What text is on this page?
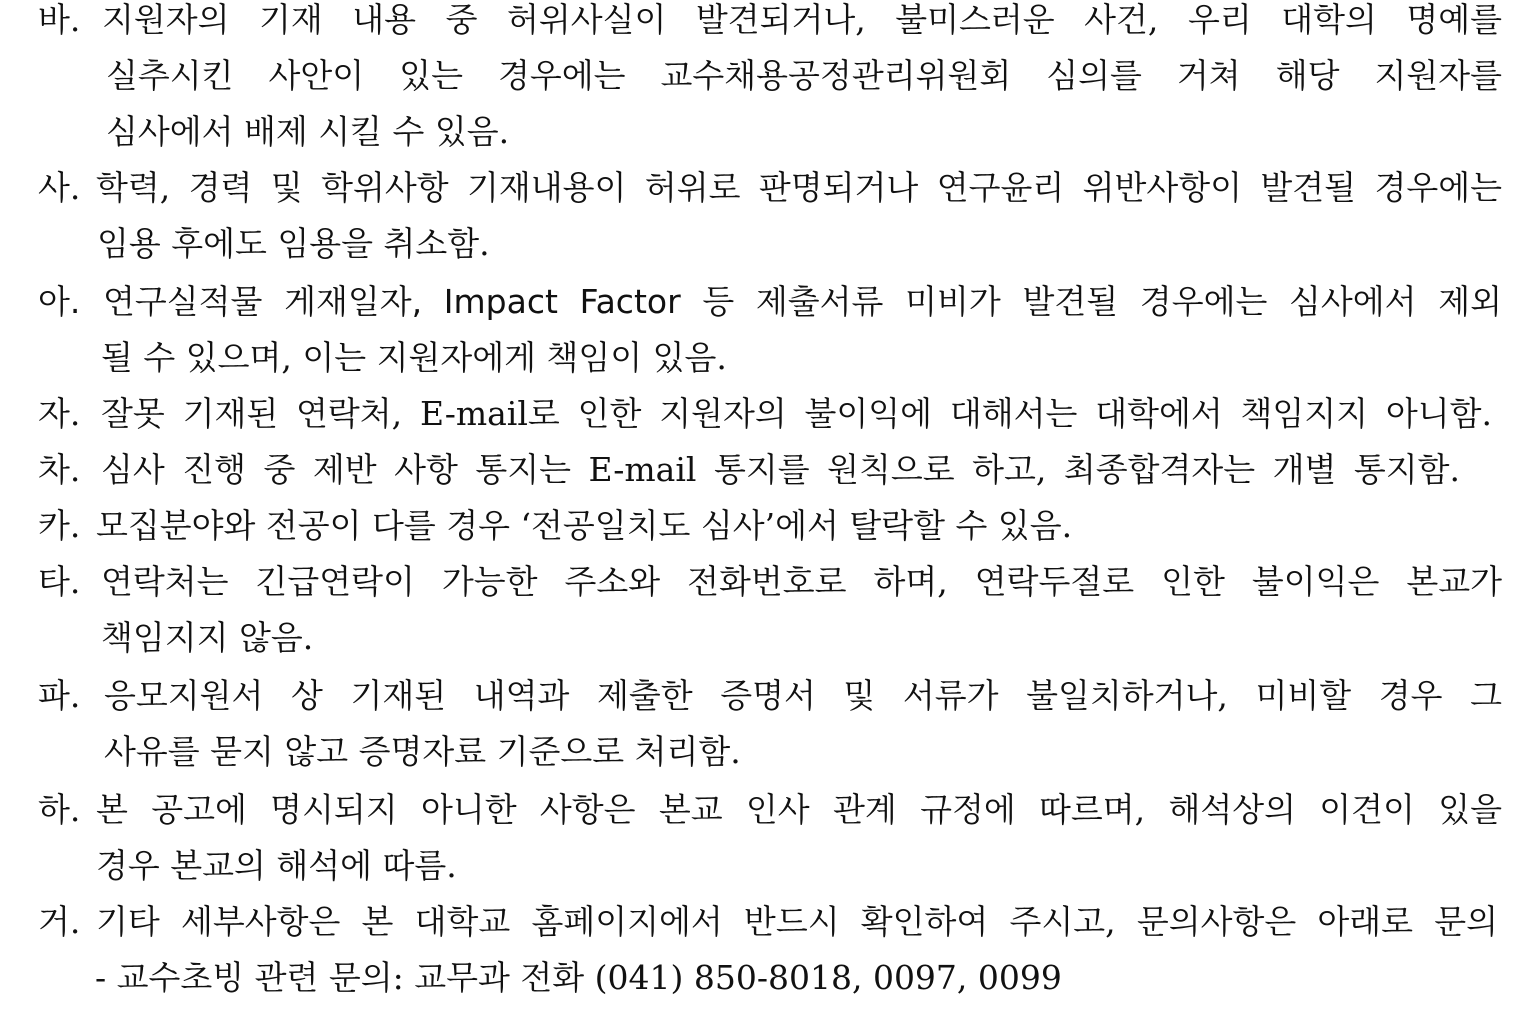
바. 지원자의 기재 내용 중 허위사실이 발견되거나, 불미스러운 사건, 우리 대학의 명예를
실추시킨 사안이 있는 경우에는 교수채용공정관리위원회 심의를 거쳐 해당 지원자를
심사에서 배제 시킬 수 있음.
사. 학력, 경력 및 학위사항 기재내용이 허위로 판명되거나 연구윤리 위반사항이 발견될 경우에는
임용 후에도 임용을 취소함.
아. 연구실적물 게재일자, Impact Factor 등 제출서류 미비가 발견될 경우에는 심사에서 제외
될 수 있으며, 이는 지원자에게 책임이 있음.
자. 잘못 기재된 연락처, E-mail로 인한 지원자의 불이익에 대해서는 대학에서 책임지지 아니함.
차. 심사 진행 중 제반 사항 통지는 E-mail 통지를 원칙으로 하고, 최종합격자는 개별 통지함.
카. 모집분야와 전공이 다를 경우 ‘전공일치도 심사’에서 탈락할 수 있음.
타. 연락처는 긴급연락이 가능한 주소와 전화번호로 하며, 연락두절로 인한 불이익은 본교가
책임지지 않음.
파. 응모지원서 상 기재된 내역과 제출한 증명서 및 서류가 불일치하거나, 미비할 경우 그
사유를 묻지 않고 증명자료 기준으로 처리함.
하. 본 공고에 명시되지 아니한 사항은 본교 인사 관계 규정에 따르며, 해석상의 이견이 있을
경우 본교의 해석에 따름.
거. 기타 세부사항은 본 대학교 홈페이지에서 반드시 확인하여 주시고, 문의사항은 아래로 문의
- 교수초빙 관련 문의: 교무과 전화 (041) 850-8018, 0097, 0099
